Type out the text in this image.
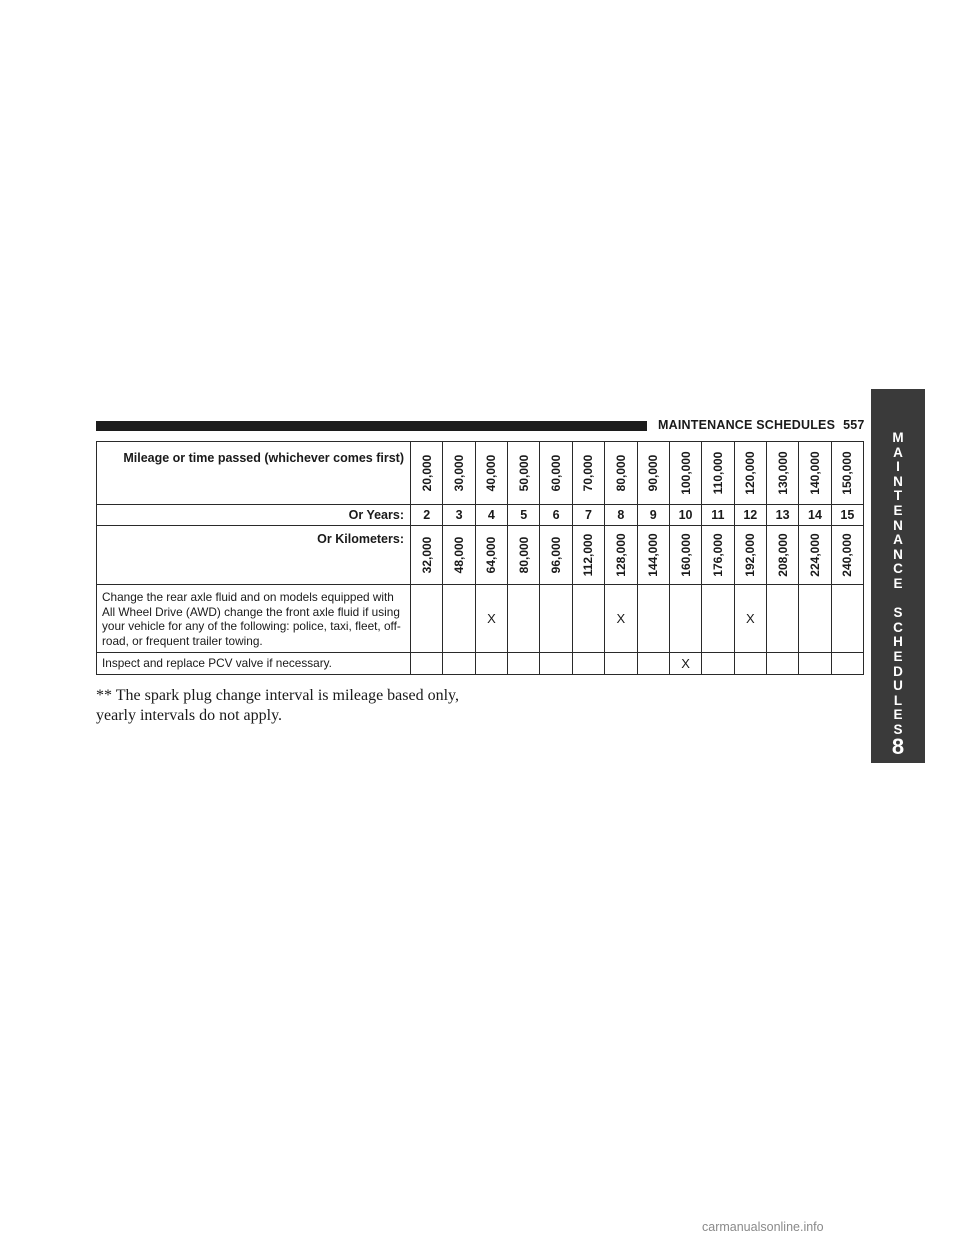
MAINTENANCE SCHEDULES 557
M
A
I
N
T
E
N
A
N
C
E
S
C
H
E
D
U
L
E
S
8
Mileage or time passed (whichever comes first)	20,000	30,000	40,000	50,000	60,000	70,000	80,000	90,000	100,000	110,000	120,000	130,000	140,000	150,000

Or Years:	2	3	4	5	6	7	8	9	10	11	12	13	14	15
Or Kilometers:	32,000	48,000	64,000	80,000	96,000	112,000	128,000	144,000	160,000	176,000	192,000	208,000	224,000	240,000

Change the rear axle fluid and on models equipped with All Wheel Drive (AWD) change the front axle fluid if using your vehicle for any of the following: police, taxi, fleet, off-road, or frequent trailer towing.			X				X				X			
Inspect and replace PCV valve if necessary.									X					

** The spark plug change interval is mileage based only,

yearly intervals do not apply.

carmanualsonline.info
